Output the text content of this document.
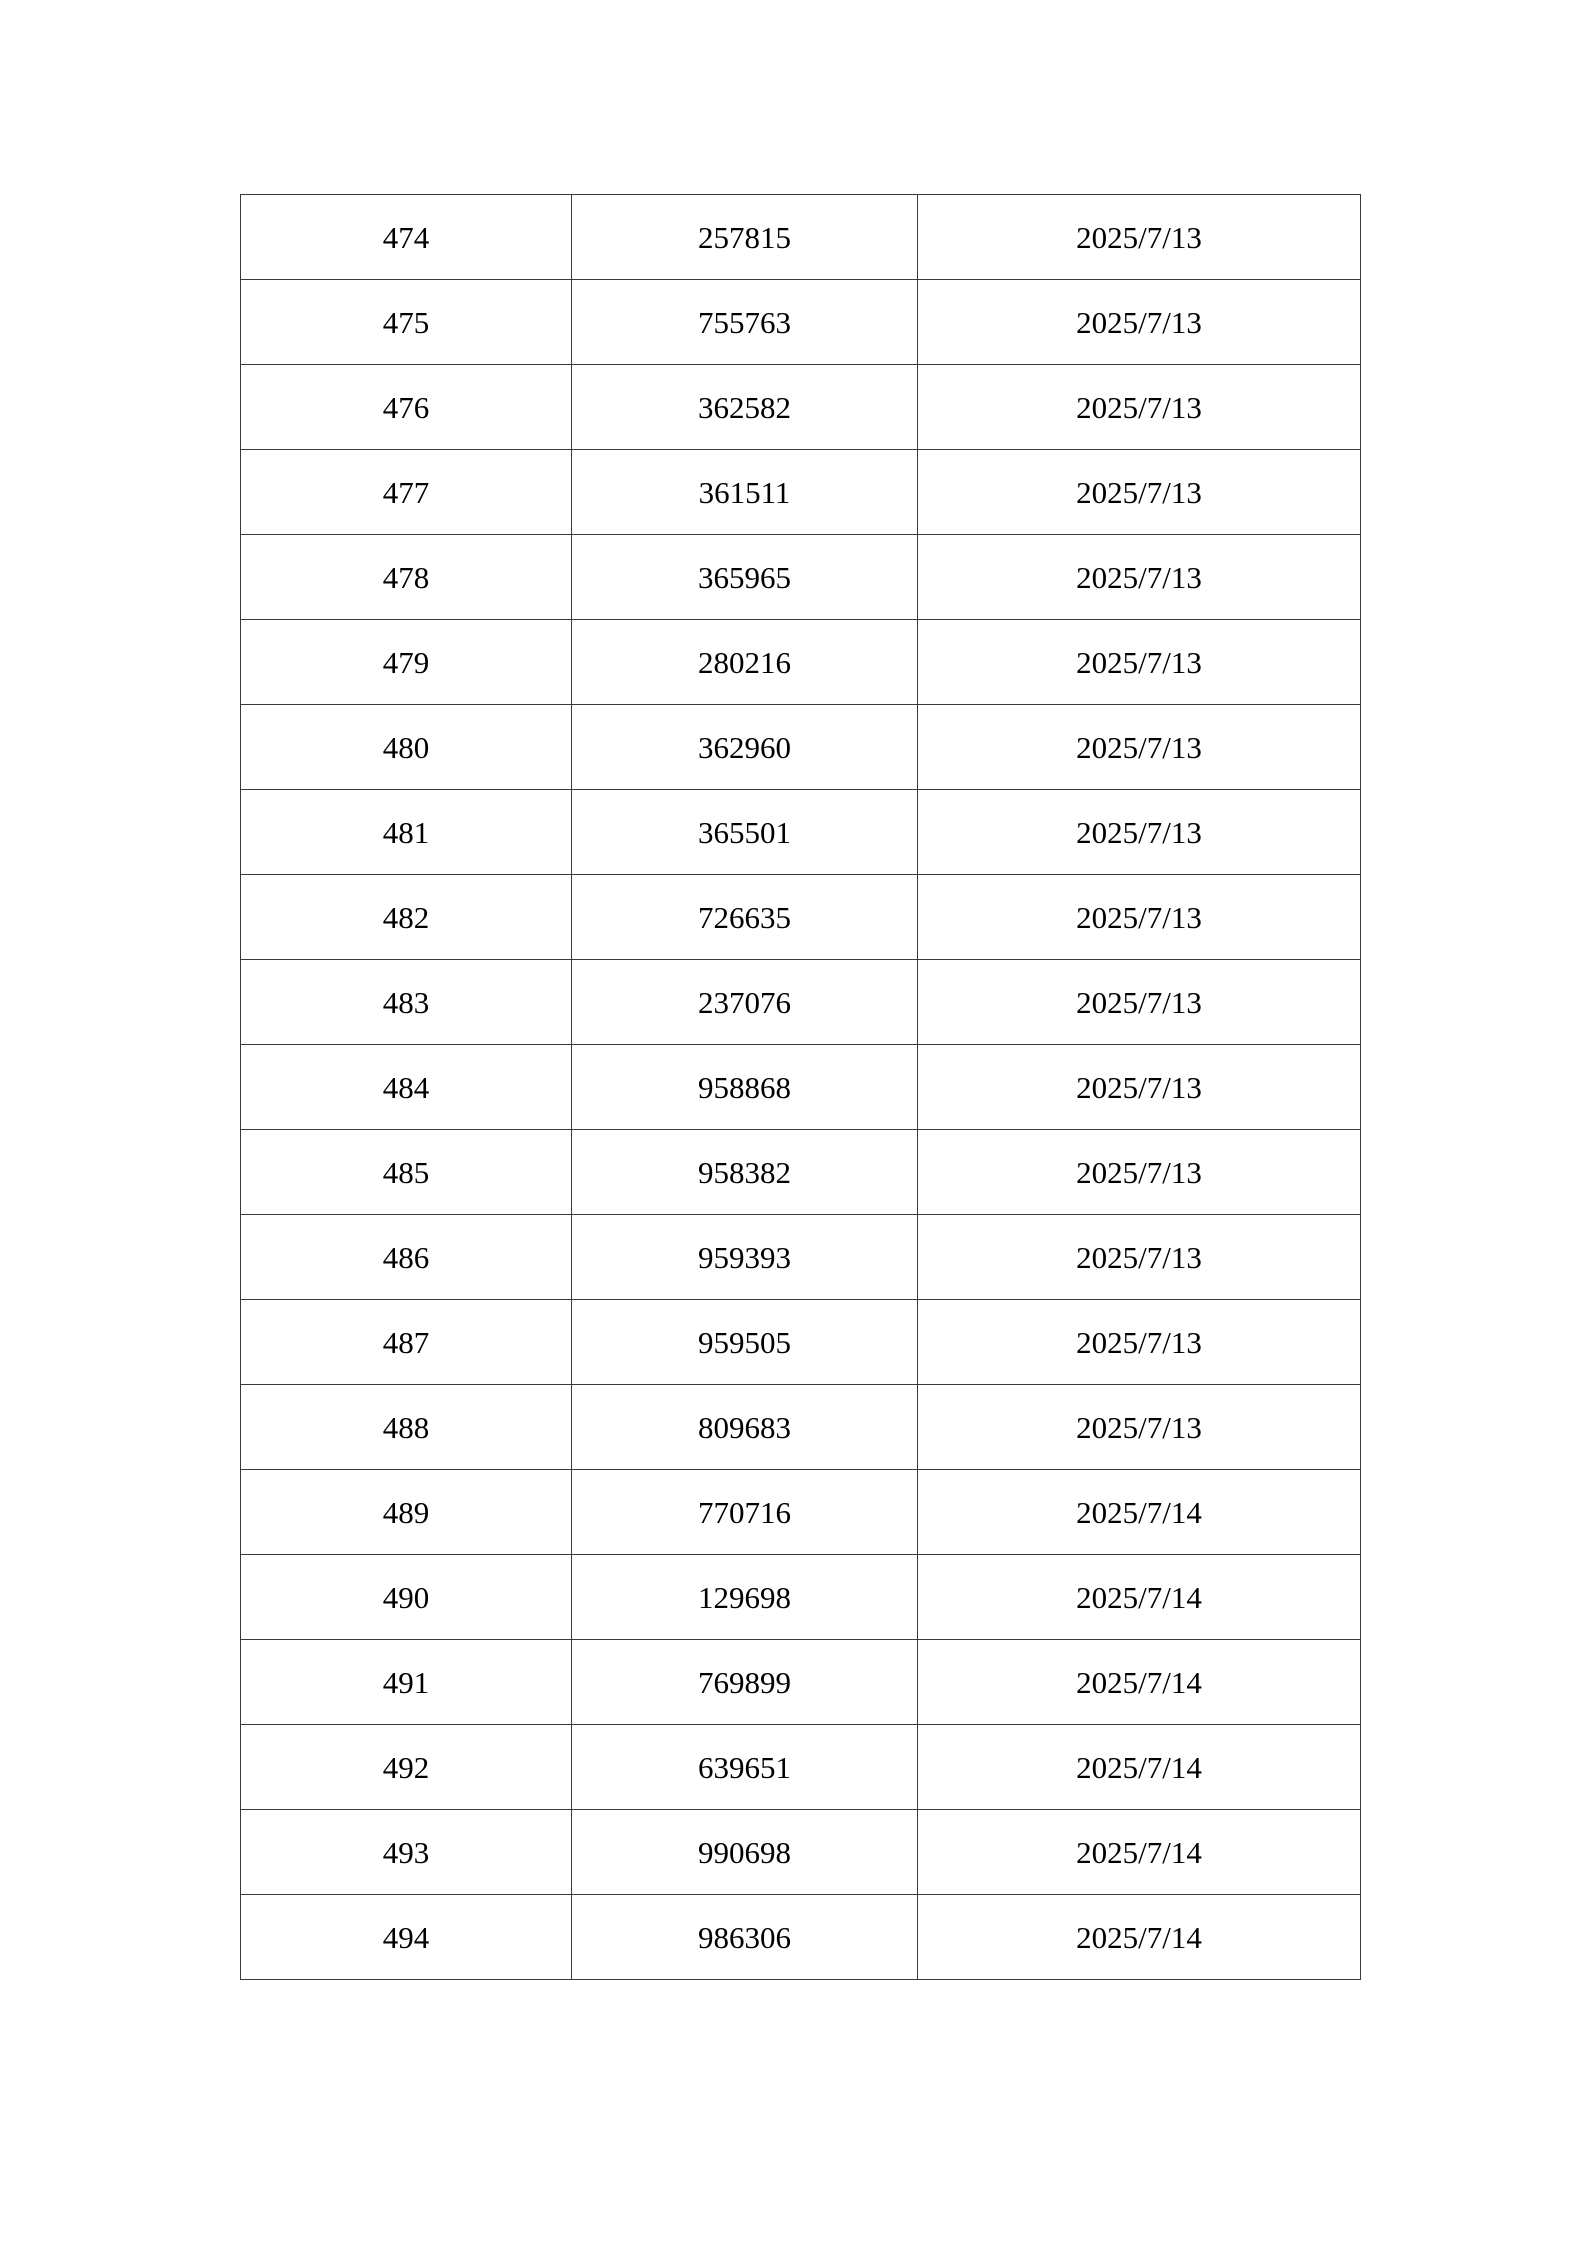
474	257815	2025/7/13
475	755763	2025/7/13
476	362582	2025/7/13
477	361511	2025/7/13
478	365965	2025/7/13
479	280216	2025/7/13
480	362960	2025/7/13
481	365501	2025/7/13
482	726635	2025/7/13
483	237076	2025/7/13
484	958868	2025/7/13
485	958382	2025/7/13
486	959393	2025/7/13
487	959505	2025/7/13
488	809683	2025/7/13
489	770716	2025/7/14
490	129698	2025/7/14
491	769899	2025/7/14
492	639651	2025/7/14
493	990698	2025/7/14
494	986306	2025/7/14
